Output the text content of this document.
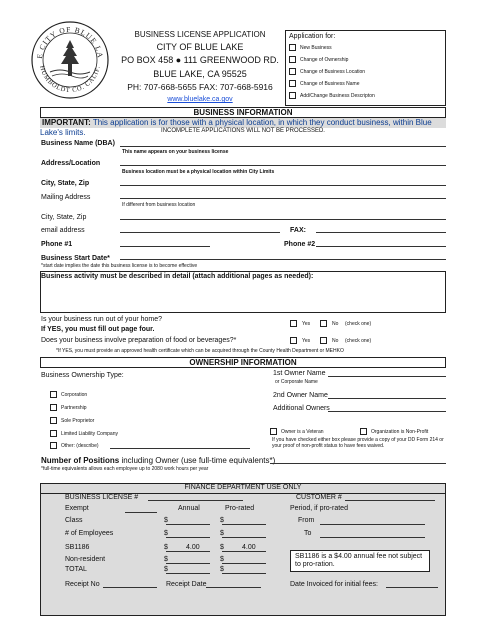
E CITY OF BLUE LA
HUMBOLDT CO. CALIF.
BUSINESS LICENSE APPLICATION
CITY OF BLUE LAKE
PO BOX 458 ● 111 GREENWOOD RD.
BLUE LAKE, CA 95525
PH: 707-668-5655 FAX: 707-668-5916
www.bluelake.ca.gov
Application for:
New Business
Change of Ownership
Change of Business Location
Change of Business Name
Add/Change Business Descripton
BUSINESS INFORMATION
IMPORTANT: This application is for those with a physical location, in which they conduct business, within Blue Lake's limits.	INCOMPLETE APPLICATIONS WILL NOT BE PROCESSED.
Business Name (DBA)
This name appears on your business license
Address/Location
Business location must be a physical location within City Limits
City, State, Zip
Mailing Address
If different from business location
City, State, Zip
email address	FAX:
Phone #1	Phone #2
Business Start Date*
*start date implies the date this business license is to become effective
Business activity must be described in detail (attach additional pages as needed):
Is your business run out of your home?
If YES, you must fill out page four.
Yes	No (check one)
Does your business involve preparation of food or beverages?*	Yes	No (check one)
*If YES, you must provide an approved health certificate which can be acquired through the County Health Department or MEHKO
OWNERSHIP INFORMATION
Business Ownership Type:
Corporation
Partnership
Sole Proprietor
Limited Liability Company
Other: (describe)
1st Owner Name
or Corporate Name
2nd Owner Name
Additional Owners
Owner is a Veteran	Organization is Non-Profit
If you have checked either box please provide a copy of your DD Form 214 or your proof of non-profit status to have fees waived.
Number of Positions including Owner (use full-time equivalents*)
*full-time equivalents allows each employee up to 2080 work hours per year
FINANCE DEPARTMENT USE ONLY
BUSINESS LICENSE #	CUSTOMER #
Exempt	Annual	Pro-rated	Period, if pro-rated
Class	$	$
# of Employees	$	$
SB1186	$	4.00	$	4.00
Non-resident	$	$
TOTAL	$	$
From
To
SB1186 is a $4.00 annual fee not subject to pro-ration.
Receipt No	Receipt Date	Date Invoiced for initial fees:
